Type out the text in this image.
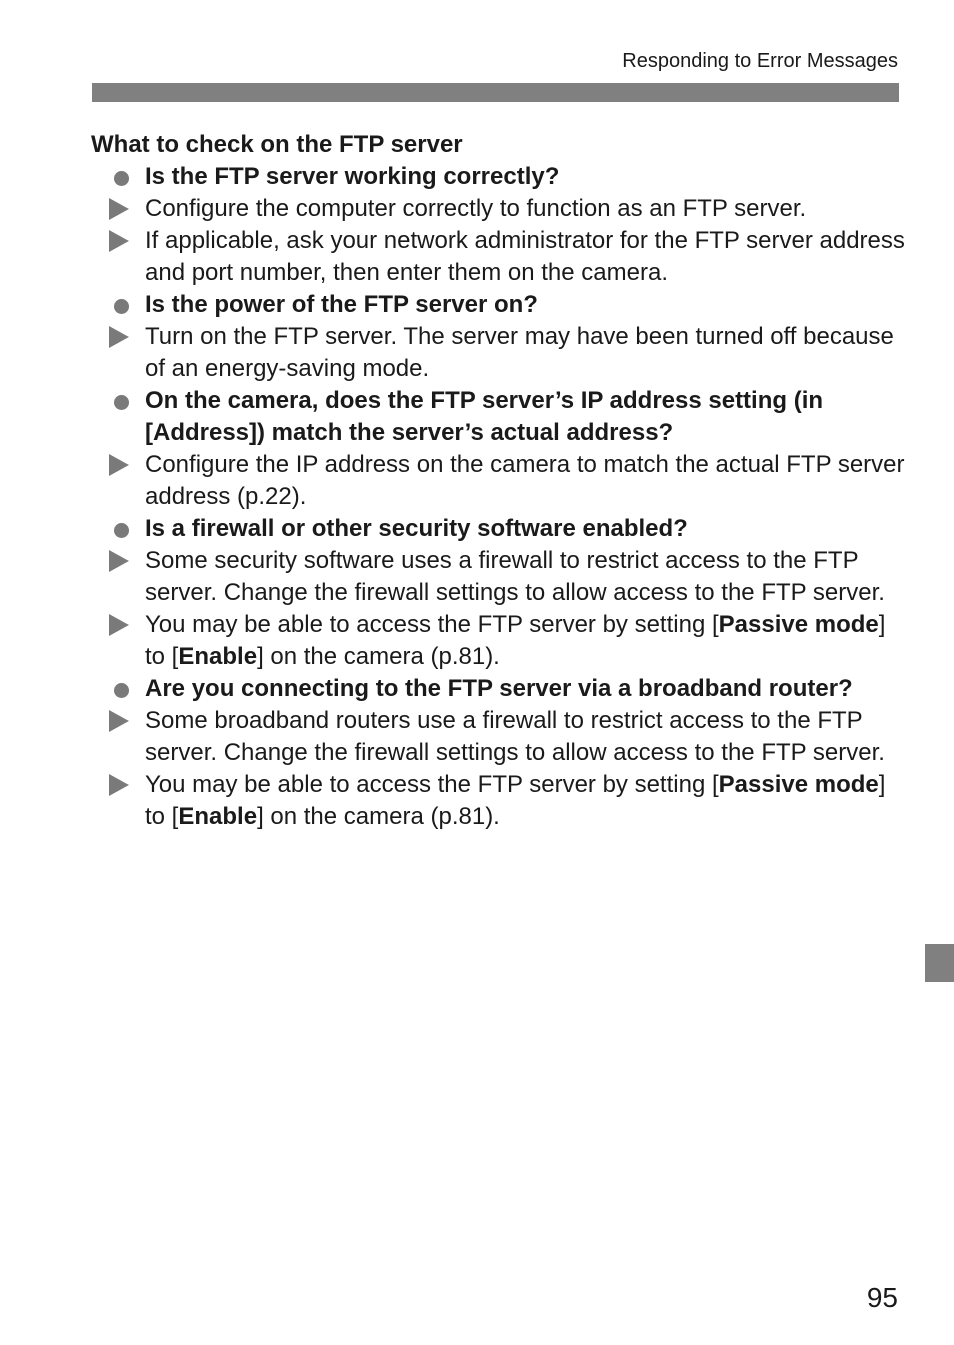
Responding to Error Messages
What to check on the FTP server
Is the FTP server working correctly?
Configure the computer correctly to function as an FTP server.
If applicable, ask your network administrator for the FTP server address and port number, then enter them on the camera.
Is the power of the FTP server on?
Turn on the FTP server. The server may have been turned off because of an energy-saving mode.
On the camera, does the FTP server’s IP address setting (in [Address]) match the server’s actual address?
Configure the IP address on the camera to match the actual FTP server address (p.22).
Is a firewall or other security software enabled?
Some security software uses a firewall to restrict access to the FTP server. Change the firewall settings to allow access to the FTP server.
You may be able to access the FTP server by setting [Passive mode] to [Enable] on the camera (p.81).
Are you connecting to the FTP server via a broadband router?
Some broadband routers use a firewall to restrict access to the FTP server. Change the firewall settings to allow access to the FTP server.
You may be able to access the FTP server by setting [Passive mode] to [Enable] on the camera (p.81).
95
